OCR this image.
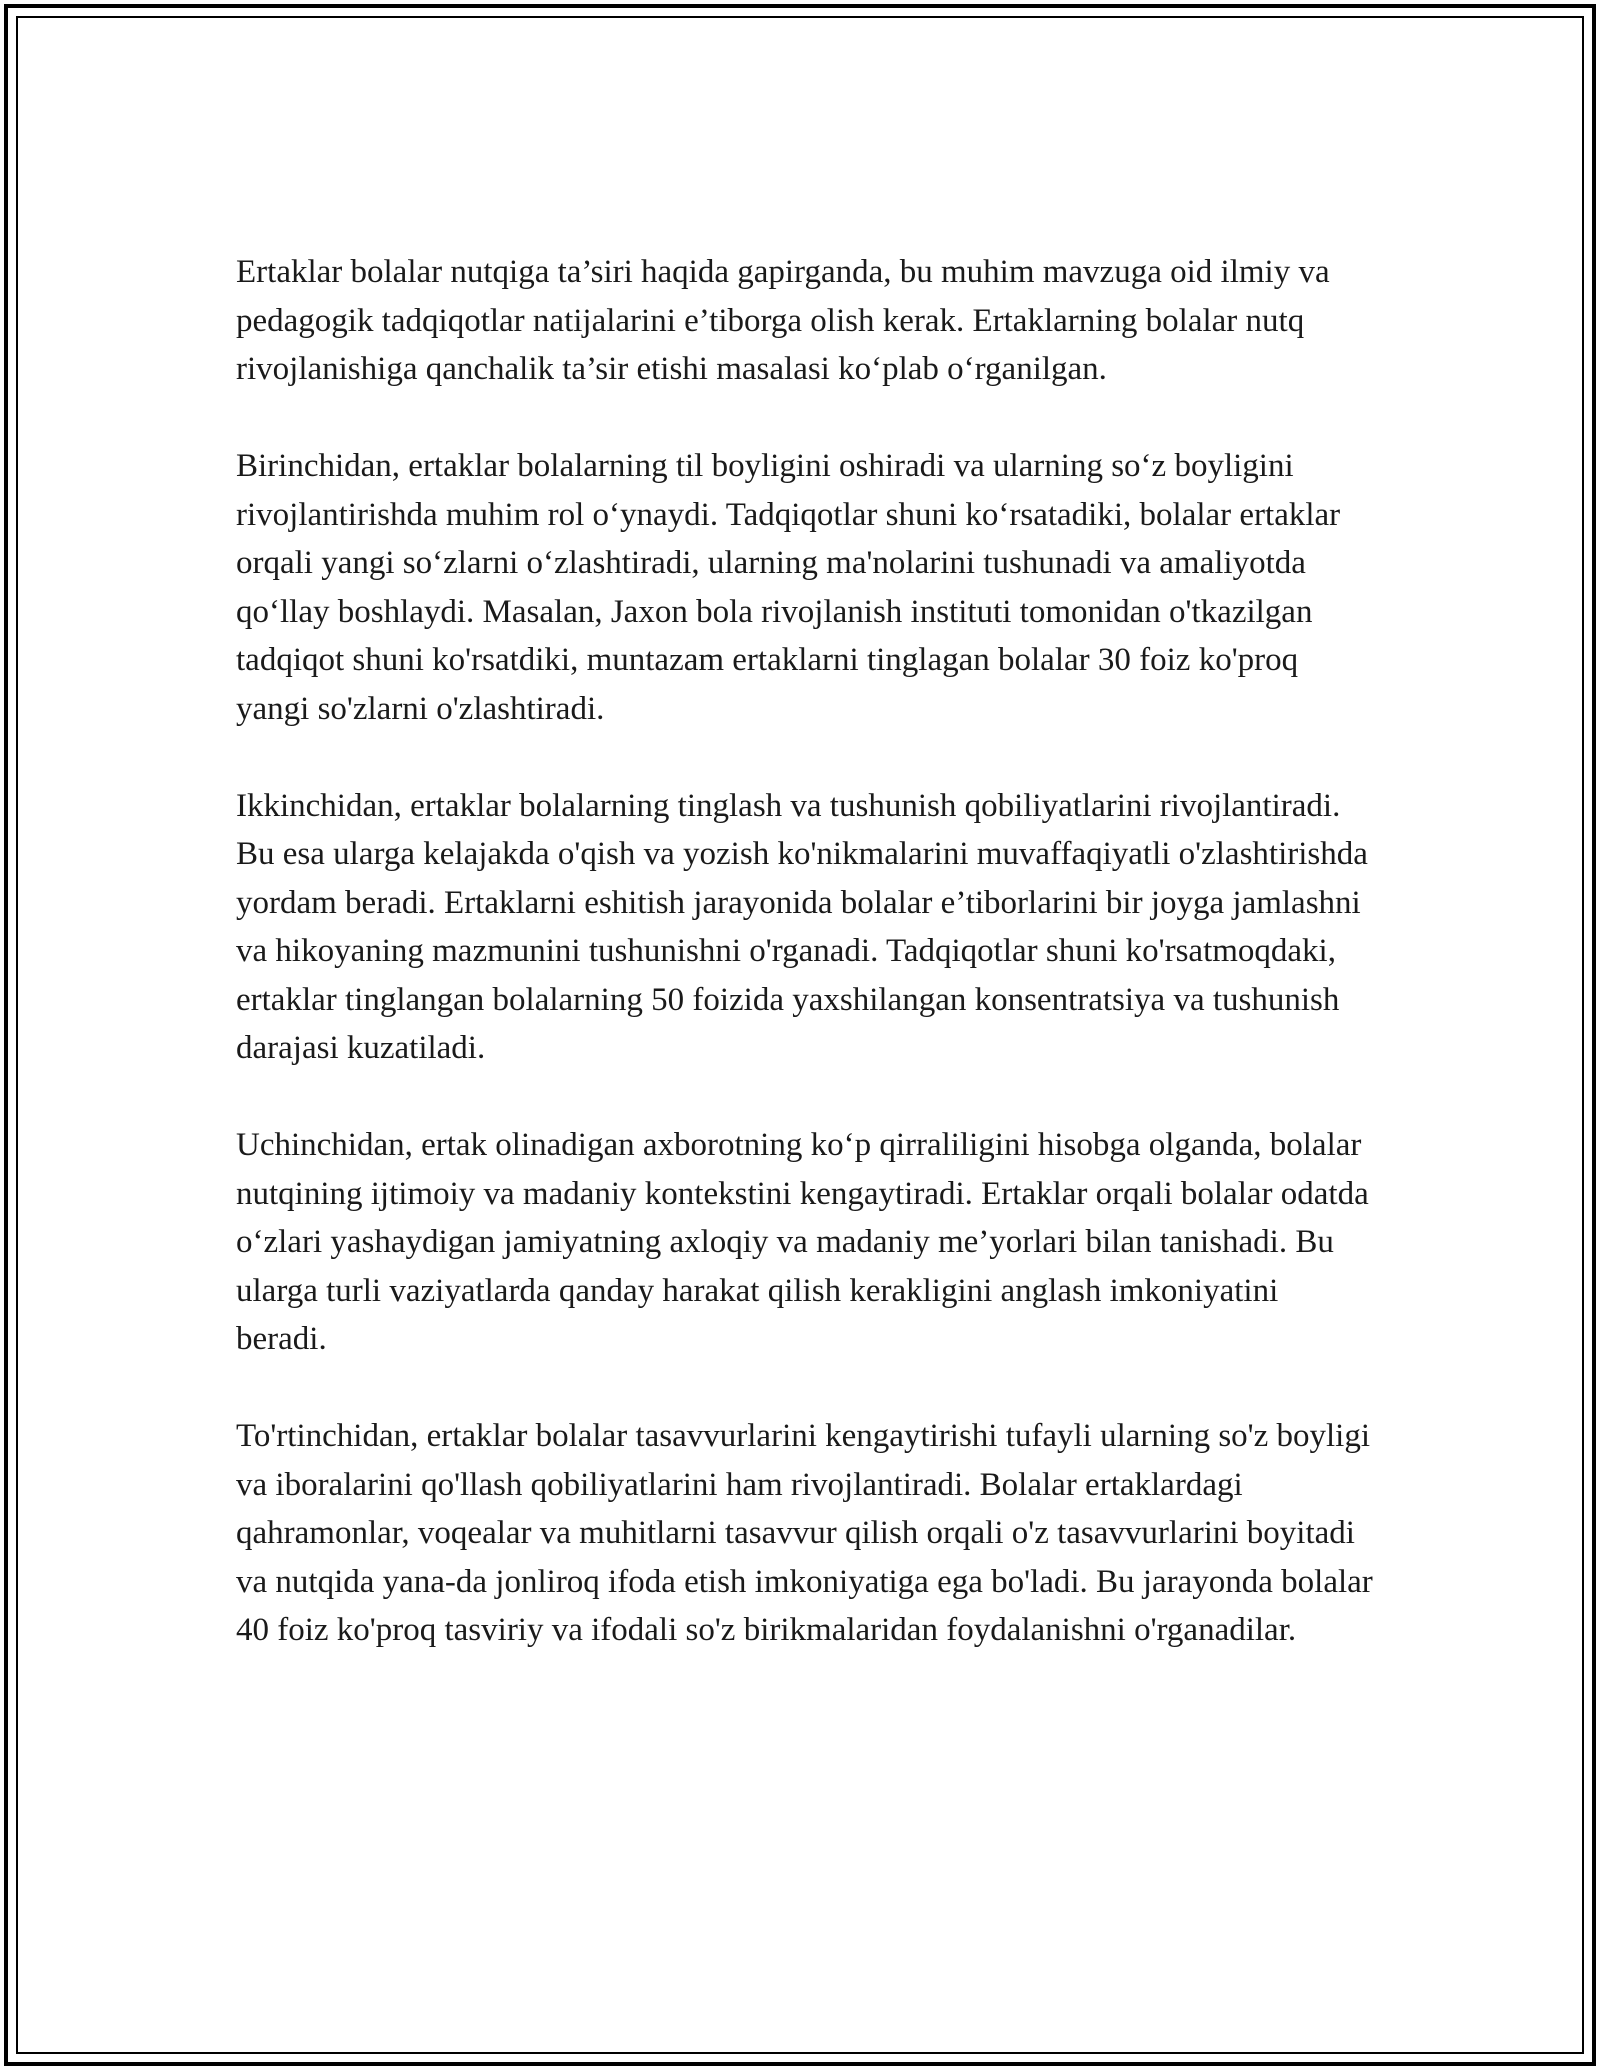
Ertaklar bolalar nutqiga ta’siri haqida gapirganda, bu muhim mavzuga oid ilmiy va pedagogik tadqiqotlar natijalarini e’tiborga olish kerak. Ertaklarning bolalar nutq rivojlanishiga qanchalik ta’sir etishi masalasi ko‘plab o‘rganilgan.

Birinchidan, ertaklar bolalarning til boyligini oshiradi va ularning so‘z boyligini rivojlantirishda muhim rol o‘ynaydi. Tadqiqotlar shuni ko‘rsatadiki, bolalar ertaklar orqali yangi so‘zlarni o‘zlashtiradi, ularning ma'nolarini tushunadi va amaliyotda qo‘llay boshlaydi. Masalan, Jaxon bola rivojlanish instituti tomonidan o'tkazilgan tadqiqot shuni ko'rsatdiki, muntazam ertaklarni tinglagan bolalar 30 foiz ko'proq yangi so'zlarni o'zlashtiradi.

Ikkinchidan, ertaklar bolalarning tinglash va tushunish qobiliyatlarini rivojlantiradi. Bu esa ularga kelajakda o'qish va yozish ko'nikmalarini muvaffaqiyatli o'zlashtirishda yordam beradi. Ertaklarni eshitish jarayonida bolalar e’tiborlarini bir joyga jamlashni va hikoyaning mazmunini tushunishni o'rganadi. Tadqiqotlar shuni ko'rsatmoqdaki, ertaklar tinglangan bolalarning 50 foizida yaxshilangan konsentratsiya va tushunish darajasi kuzatiladi.

Uchinchidan, ertak olinadigan axborotning ko‘p qirraliligini hisobga olganda, bolalar nutqining ijtimoiy va madaniy kontekstini kengaytiradi. Ertaklar orqali bolalar odatda o‘zlari yashaydigan jamiyatning axloqiy va madaniy me’yorlari bilan tanishadi. Bu ularga turli vaziyatlarda qanday harakat qilish kerakligini anglash imkoniyatini beradi.

To'rtinchidan, ertaklar bolalar tasavvurlarini kengaytirishi tufayli ularning so'z boyligi va iboralarini qo'llash qobiliyatlarini ham rivojlantiradi. Bolalar ertaklardagi qahramonlar, voqealar va muhitlarni tasavvur qilish orqali o'z tasavvurlarini boyitadi va nutqida yana-da jonliroq ifoda etish imkoniyatiga ega bo'ladi. Bu jarayonda bolalar 40 foiz ko'proq tasviriy va ifodali so'z birikmalaridan foydalanishni o'rganadilar.
